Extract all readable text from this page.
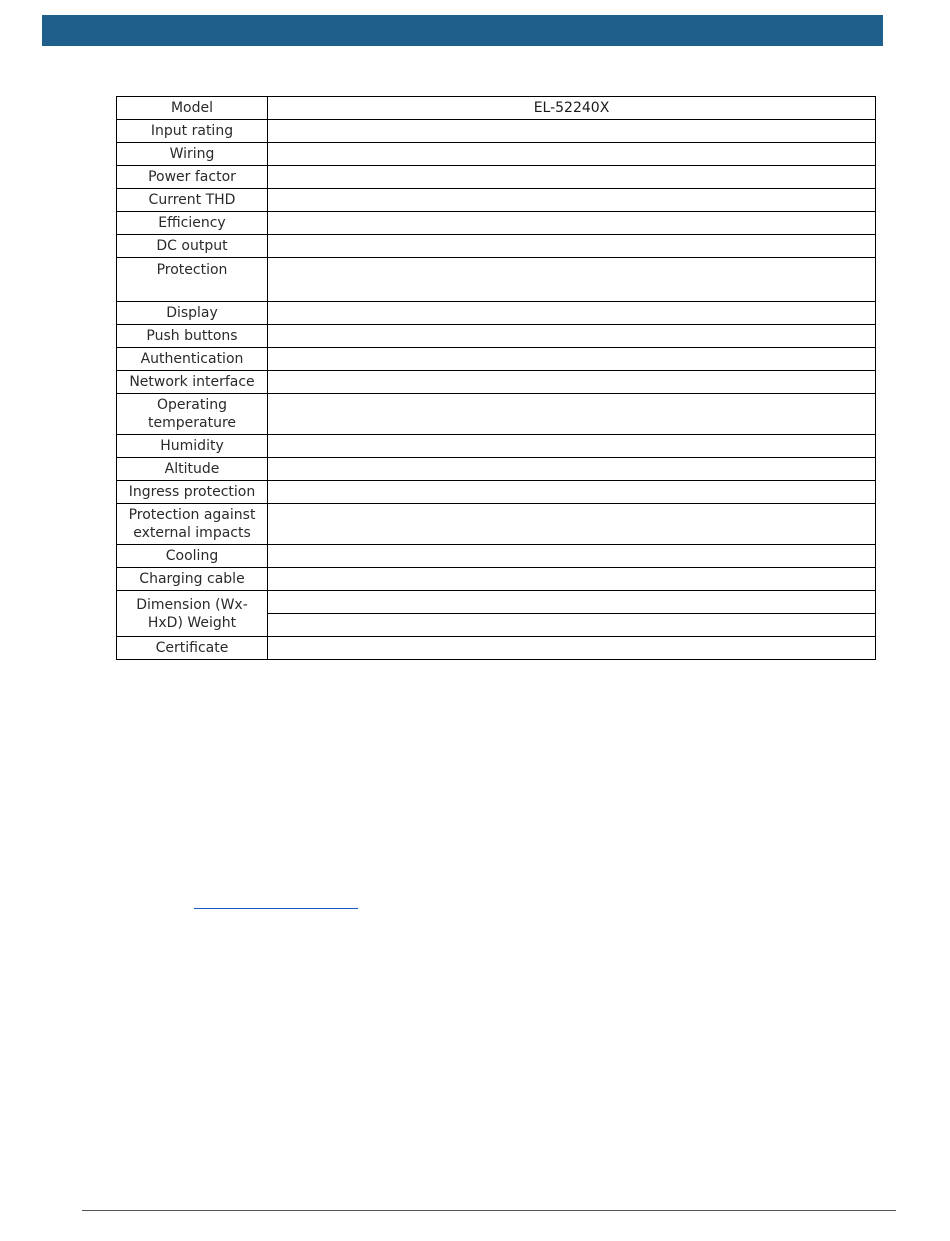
Model	EL-52240X
Input rating	
Wiring	
Power factor	
Current THD	
Efficiency	
DC output	
Protection	
Display	
Push buttons	
Authentication	
Network interface	
Operating temperature	
Humidity	
Altitude	
Ingress protection	
Protection against external impacts	
Cooling	
Charging cable	
Dimension (Wx-HxD) Weight	

Certificate	
